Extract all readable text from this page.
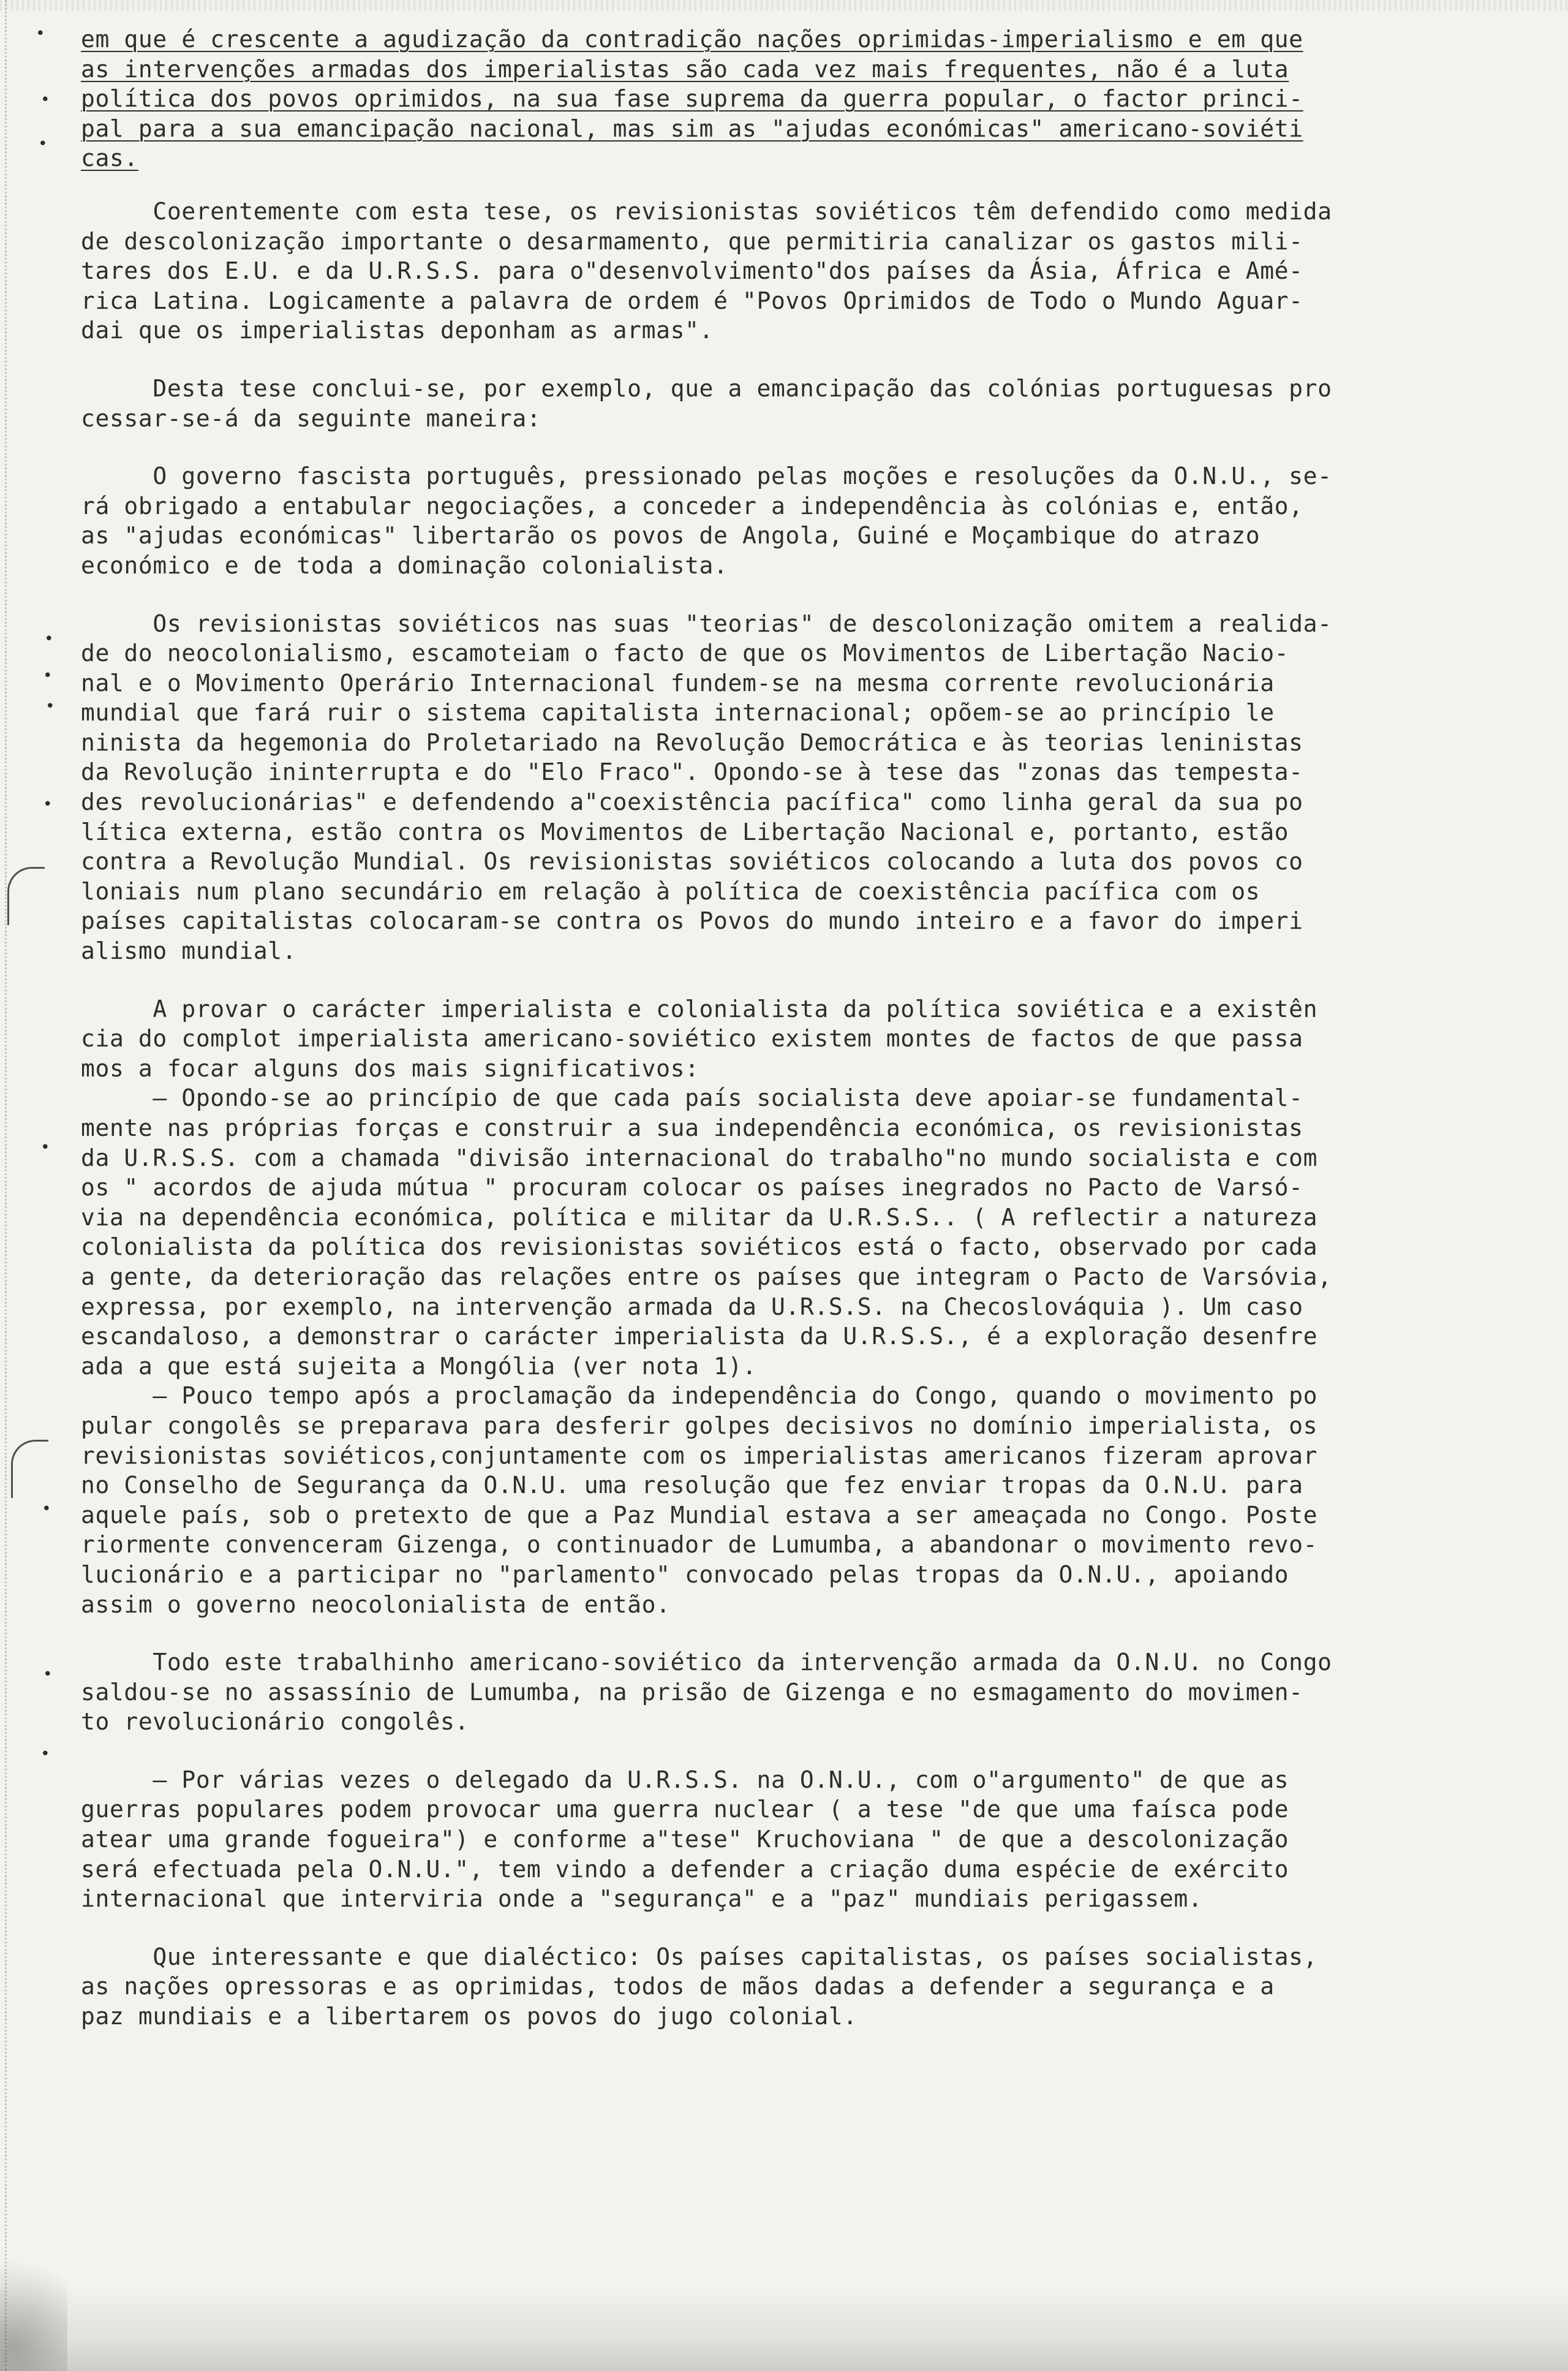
•
•
•
•
•
•
•
•
•
•
•
em que é crescente a agudização da contradição nações oprimidas-imperialismo e em que
as intervenções armadas dos imperialistas são cada vez mais frequentes, não é a luta
política dos povos oprimidos, na sua fase suprema da guerra popular, o factor princi-
pal para a sua emancipação nacional, mas sim as "ajudas económicas" americano-soviéti
cas.
Coerentemente com esta tese, os revisionistas soviéticos têm defendido como medida
de descolonização importante o desarmamento, que permitiria canalizar os gastos mili-
tares dos E.U. e da U.R.S.S. para o"desenvolvimento"dos países da Ásia, África e Amé-
rica Latina. Logicamente a palavra de ordem é "Povos Oprimidos de Todo o Mundo Aguar-
dai que os imperialistas deponham as armas".
Desta tese conclui-se, por exemplo, que a emancipação das colónias portuguesas pro
cessar-se-á da seguinte maneira:
O governo fascista português, pressionado pelas moções e resoluções da O.N.U., se-
rá obrigado a entabular negociações, a conceder a independência às colónias e, então,
as "ajudas económicas" libertarão os povos de Angola, Guiné e Moçambique do atrazo
económico e de toda a dominação colonialista.
Os revisionistas soviéticos nas suas "teorias" de descolonização omitem a realida-
de do neocolonialismo, escamoteiam o facto de que os Movimentos de Libertação Nacio-
nal e o Movimento Operário Internacional fundem-se na mesma corrente revolucionária
mundial que fará ruir o sistema capitalista internacional; opõem-se ao princípio le
ninista da hegemonia do Proletariado na Revolução Democrática e às teorias leninistas
da Revolução ininterrupta e do "Elo Fraco". Opondo-se à tese das "zonas das tempesta-
des revolucionárias" e defendendo a"coexistência pacífica" como linha geral da sua po
lítica externa, estão contra os Movimentos de Libertação Nacional e, portanto, estão
contra a Revolução Mundial. Os revisionistas soviéticos colocando a luta dos povos co
loniais num plano secundário em relação à política de coexistência pacífica com os
países capitalistas colocaram-se contra os Povos do mundo inteiro e a favor do imperi
alismo mundial.
A provar o carácter imperialista e colonialista da política soviética e a existên
cia do complot imperialista americano-soviético existem montes de factos de que passa
mos a focar alguns dos mais significativos:
— Opondo-se ao princípio de que cada país socialista deve apoiar-se fundamental-
mente nas próprias forças e construir a sua independência económica, os revisionistas
da U.R.S.S. com a chamada "divisão internacional do trabalho"no mundo socialista e com
os " acordos de ajuda mútua " procuram colocar os países inegrados no Pacto de Varsó-
via na dependência económica, política e militar da U.R.S.S.. ( A reflectir a natureza
colonialista da política dos revisionistas soviéticos está o facto, observado por cada
a gente, da deterioração das relações entre os países que integram o Pacto de Varsóvia,
expressa, por exemplo, na intervenção armada da U.R.S.S. na Checoslováquia ). Um caso
escandaloso, a demonstrar o carácter imperialista da U.R.S.S., é a exploração desenfre
ada a que está sujeita a Mongólia (ver nota 1).
— Pouco tempo após a proclamação da independência do Congo, quando o movimento po
pular congolês se preparava para desferir golpes decisivos no domínio imperialista, os
revisionistas soviéticos,conjuntamente com os imperialistas americanos fizeram aprovar
no Conselho de Segurança da O.N.U. uma resolução que fez enviar tropas da O.N.U. para
aquele país, sob o pretexto de que a Paz Mundial estava a ser ameaçada no Congo. Poste
riormente convenceram Gizenga, o continuador de Lumumba, a abandonar o movimento revo-
lucionário e a participar no "parlamento" convocado pelas tropas da O.N.U., apoiando
assim o governo neocolonialista de então.
Todo este trabalhinho americano-soviético da intervenção armada da O.N.U. no Congo
saldou-se no assassínio de Lumumba, na prisão de Gizenga e no esmagamento do movimen-
to revolucionário congolês.
— Por várias vezes o delegado da U.R.S.S. na O.N.U., com o"argumento" de que as
guerras populares podem provocar uma guerra nuclear ( a tese "de que uma faísca pode
atear uma grande fogueira") e conforme a"tese" Kruchoviana " de que a descolonização
será efectuada pela O.N.U.", tem vindo a defender a criação duma espécie de exército
internacional que interviria onde a "segurança" e a "paz" mundiais perigassem.
Que interessante e que dialéctico: Os países capitalistas, os países socialistas,
as nações opressoras e as oprimidas, todos de mãos dadas a defender a segurança e a
paz mundiais e a libertarem os povos do jugo colonial.
